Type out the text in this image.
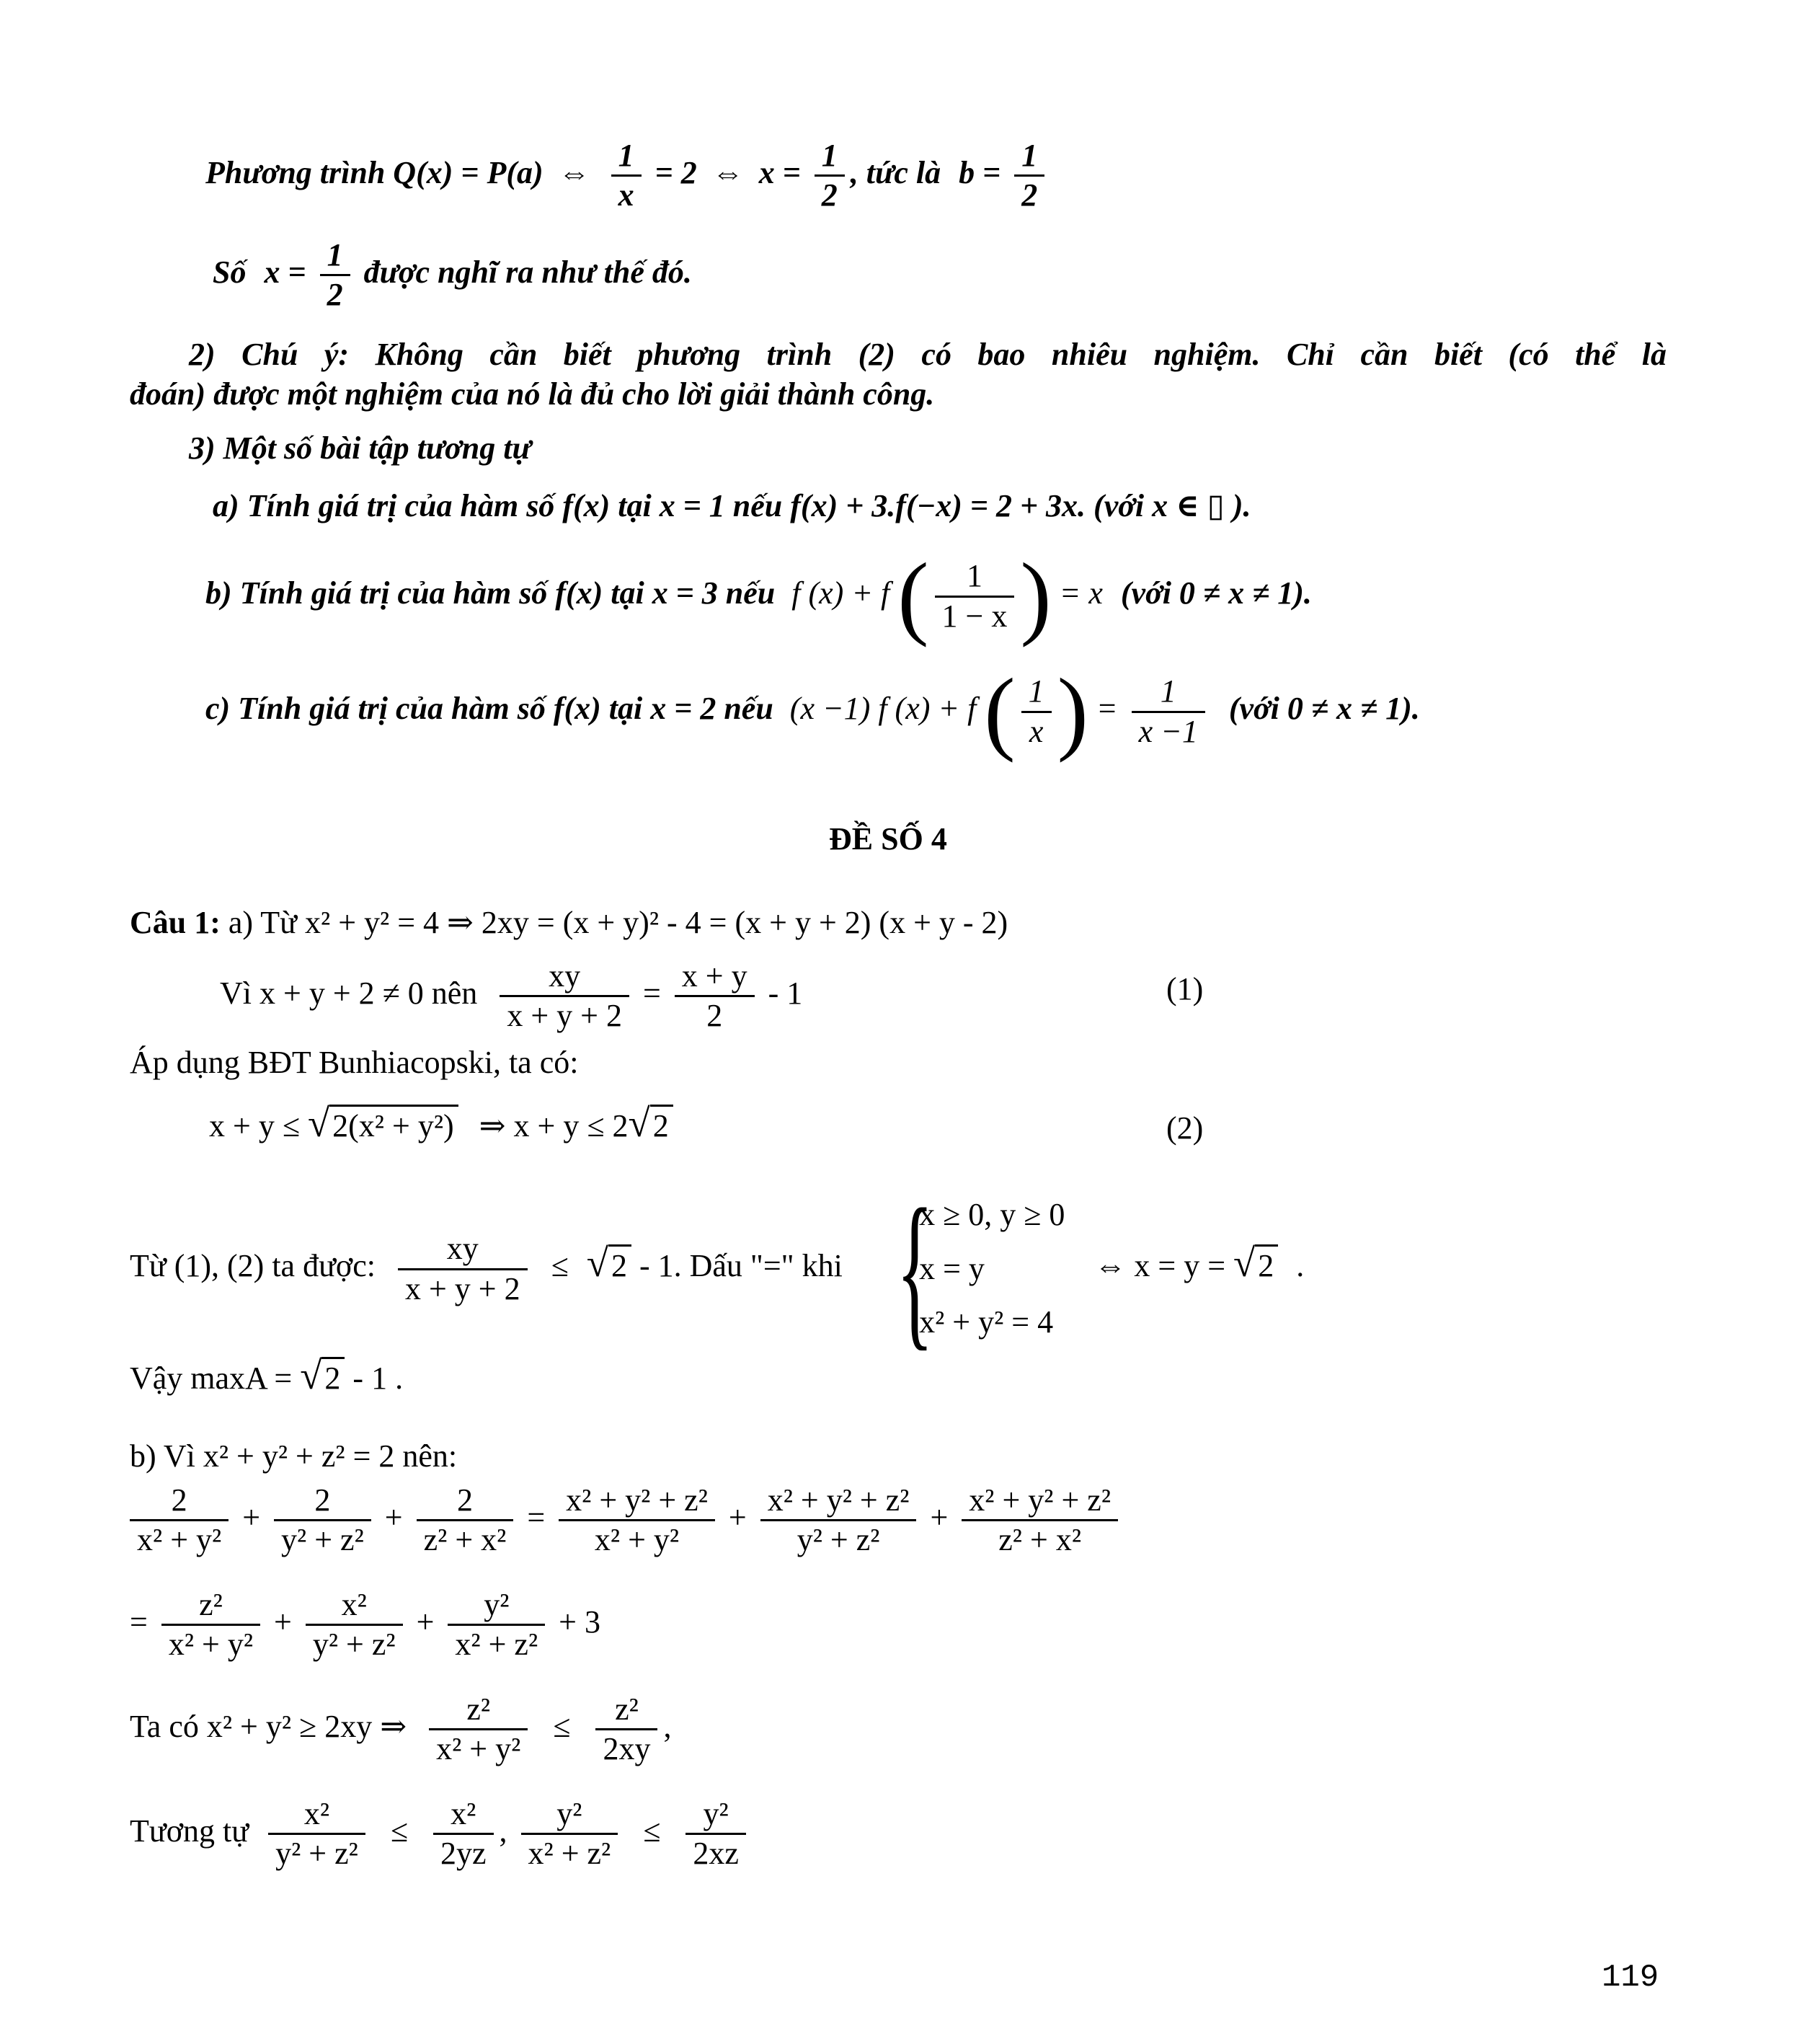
Phương trình Q(x) = P(a) ⇔ $\frac{1}{x} = 2$ ⇔ $x = \frac{1}{2}$ , tức là $b = \frac{1}{2}$
Số $x = \frac{1}{2}$ được nghĩ ra như thế đó.
2) Chú ý: Không cần biết phương trình (2) có bao nhiêu nghiệm. Chỉ cần biết (có thể là
đoán) được một nghiệm của nó là đủ cho lời giải thành công.
3) Một số bài tập tương tự
a) Tính giá trị của hàm số f(x) tại x = 1 nếu f(x) + 3.f(−x) = 2 + 3x. (với x ∈ ▯ ).
b) Tính giá trị của hàm số f(x) tại x = 3 nếu f (x) + f ( $\frac{1}{1 - x}$ ) = x (với 0 ≠ x ≠ 1).
c) Tính giá trị của hàm số f(x) tại x = 2 nếu (x −1) f (x) + f ( $\frac{1}{x}$ ) = $\frac{1}{x -1}$ (với 0 ≠ x ≠ 1).
ĐỀ SỐ 4
Câu 1: a) Từ x² + y² = 4 ⇒ 2xy = (x + y)² - 4 = (x + y + 2) (x + y - 2)
Vì x + y + 2 ≠ 0 nên $\frac{xy}{x + y + 2} = \frac{x + y}{2} - 1$	(1)
Áp dụng BĐT Bunhiacopski, ta có:
x + y ≤ √2(x² + y²) ⇒ x + y ≤ 2√2	(2)
Từ (1), (2) ta được: $\frac{xy}{x + y + 2} \le √2 - 1$. Dấu "=" khi {
x ≥ 0, y ≥ 0
x = y
x² + y² = 4
⇔ x = y = √2 .
Vậy maxA = √2 - 1 .
b) Vì x² + y² + z² = 2 nên:
$\frac{2}{\text{x² + y²}} + \frac{2}{\text{y² + z²}} + \frac{2}{\text{z² + x²}} = \frac{\text{x² + y² + z²}}{\text{x² + y²}} + \frac{\text{x² + y² + z²}}{\text{y² + z²}} + \frac{\text{x² + y² + z²}}{\text{z² + x²}}$
= $\frac{\text{z²}}{\text{x² + y²}} + \frac{\text{x²}}{\text{y² + z²}} + \frac{\text{y²}}{\text{x² + z²}} + 3$
Ta có x² + y² ≥ 2xy ⇒ $\frac{\text{z²}}{\text{x² + y²}} \le \frac{\text{z²}}{2xy}$ ,
Tương tự $\frac{\text{x²}}{\text{y² + z²}} \le \frac{\text{x²}}{2yz}$ , $\frac{\text{y²}}{\text{x² + z²}} \le \frac{\text{y²}}{2xz}$
119
